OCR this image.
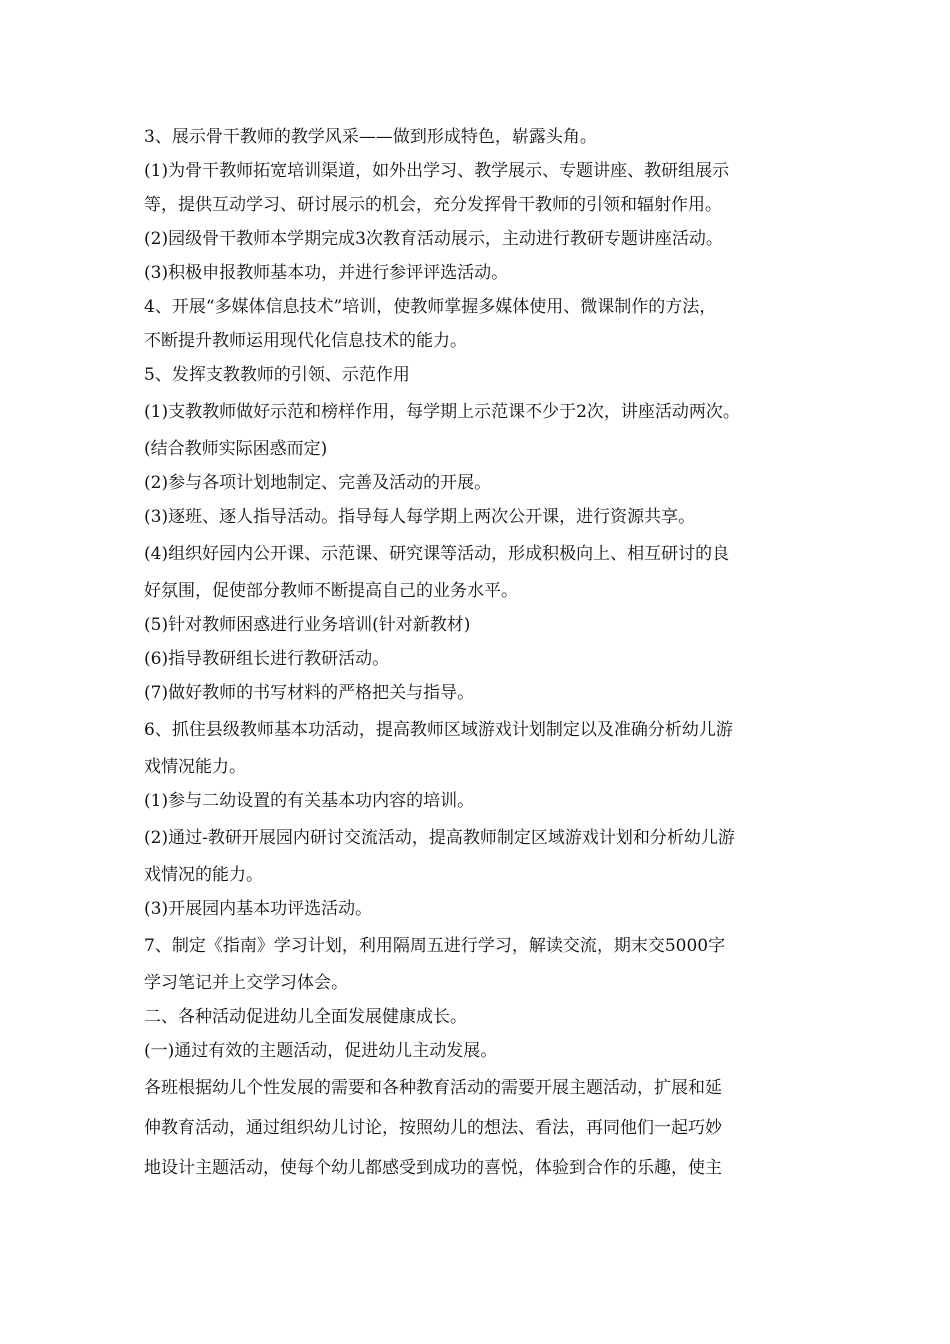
3、展示骨干教师的教学风采——做到形成特色，崭露头角。
(1)为骨干教师拓宽培训渠道，如外出学习、教学展示、专题讲座、教研组展示
等，提供互动学习、研讨展示的机会，充分发挥骨干教师的引领和辐射作用。
(2)园级骨干教师本学期完成3次教育活动展示，主动进行教研专题讲座活动。
(3)积极申报教师基本功，并进行参评评选活动。
4、开展“多媒体信息技术”培训，使教师掌握多媒体使用、微课制作的方法，
不断提升教师运用现代化信息技术的能力。
5、发挥支教教师的引领、示范作用
(1)支教教师做好示范和榜样作用，每学期上示范课不少于2次，讲座活动两次。
(结合教师实际困惑而定)
(2)参与各项计划地制定、完善及活动的开展。
(3)逐班、逐人指导活动。指导每人每学期上两次公开课，进行资源共享。
(4)组织好园内公开课、示范课、研究课等活动，形成积极向上、相互研讨的良
好氛围，促使部分教师不断提高自己的业务水平。
(5)针对教师困惑进行业务培训(针对新教材)
(6)指导教研组长进行教研活动。
(7)做好教师的书写材料的严格把关与指导。
6、抓住县级教师基本功活动，提高教师区域游戏计划制定以及准确分析幼儿游
戏情况能力。
(1)参与二幼设置的有关基本功内容的培训。
(2)通过-教研开展园内研讨交流活动，提高教师制定区域游戏计划和分析幼儿游
戏情况的能力。
(3)开展园内基本功评选活动。
7、制定《指南》学习计划，利用隔周五进行学习，解读交流，期末交5000字
学习笔记并上交学习体会。
二、各种活动促进幼儿全面发展健康成长。
(一)通过有效的主题活动，促进幼儿主动发展。
各班根据幼儿个性发展的需要和各种教育活动的需要开展主题活动，扩展和延
伸教育活动，通过组织幼儿讨论，按照幼儿的想法、看法，再同他们一起巧妙
地设计主题活动，使每个幼儿都感受到成功的喜悦，体验到合作的乐趣，使主
